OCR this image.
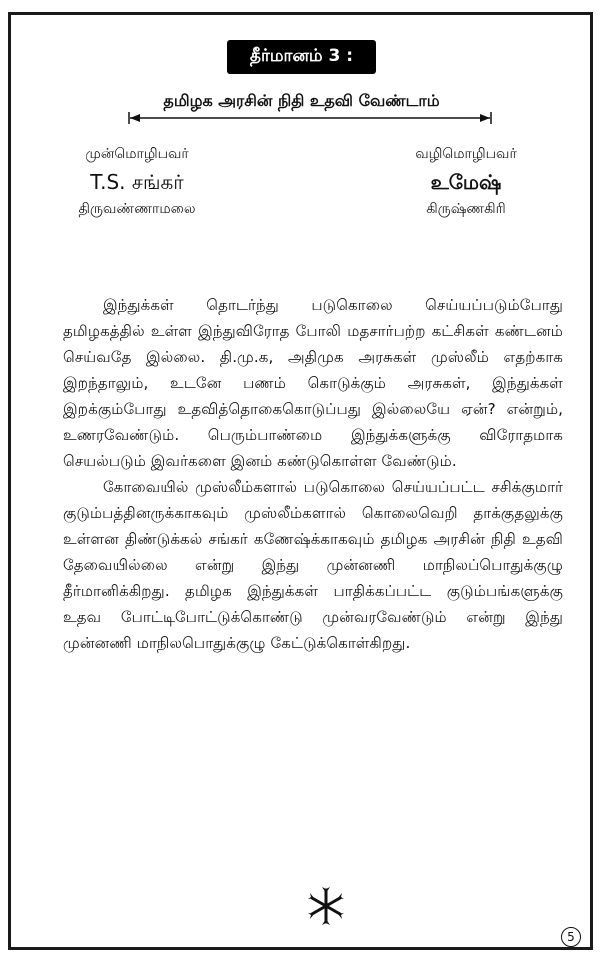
தீர்மானம் 3 :
தமிழக அரசின் நிதி உதவி வேண்டாம்
முன்மொழிபவர்
T.S. சங்கர்
திருவண்ணாமலை
வழிமொழிபவர்
உமேஷ்
கிருஷ்ணகிரி

இந்துக்கள் தொடர்ந்து படுகொலை செய்யப்படும்போது தமிழகத்தில் உள்ள இந்துவிரோத போலி மதசார்பற்ற கட்சிகள் கண்டனம் செய்வதே இல்லை. தி.மு.க, அதிமுக அரசுகள் முஸ்லீம் எதற்காக இறந்தாலும், உடனே பணம் கொடுக்கும் அரசுகள், இந்துக்கள் இறக்கும்போது உதவித்தொகைகொடுப்பது இல்லையே ஏன்? என்றும், உணரவேண்டும். பெரும்பாண்மை இந்துக்களுக்கு விரோதமாக செயல்படும் இவர்களை இனம் கண்டுகொள்ள வேண்டும்.

கோவையில் முஸ்லீம்களால் படுகொலை செய்யப்பட்ட சசிக்குமார் குடும்பத்தினருக்காகவும் முஸ்லீம்களால் கொலைவெறி தாக்குதலுக்கு உள்ளன திண்டுக்கல் சங்கர் கணேஷ்க்காகவும் தமிழக அரசின் நிதி உதவி தேவையில்லை என்று இந்து முன்னணி மாநிலப்பொதுக்குழு தீர்மானிக்கிறது. தமிழக இந்துக்கள் பாதிக்கப்பட்ட குடும்பங்களுக்கு உதவ போட்டிபோட்டுக்கொண்டு முன்வரவேண்டும் என்று இந்து முன்னணி மாநிலபொதுக்குழு கேட்டுக்கொள்கிறது.

5
